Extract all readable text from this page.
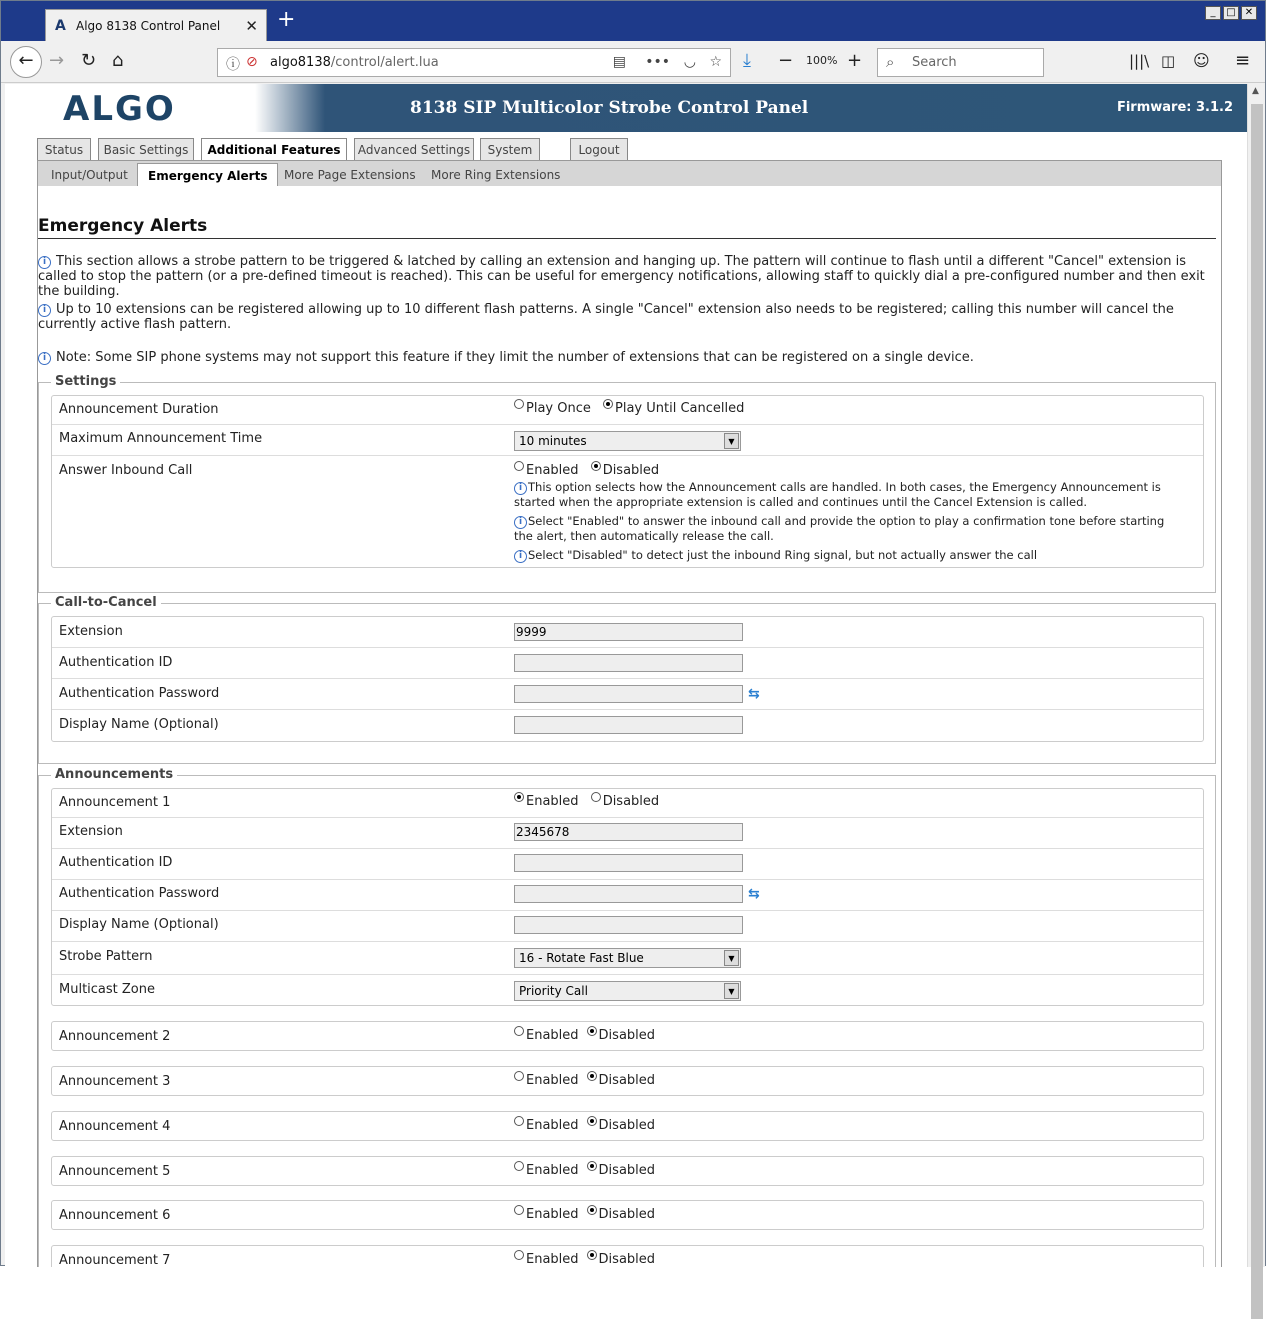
A Algo 8138 Control Panel ✕ +	_	□ ✕
← → ↻ ⌂	ⓘ ⊘ algo8138/control/alert.lua	▤ ••• ◡ ☆ ⤓ − 100% + ⌕ Search	|||\ ◫ ☺ ≡
ALGO	8138 SIP Multicolor Strobe Control Panel	Firmware: 3.1.2
Status	Basic Settings	Additional Features	Advanced Settings	System	Logout
Input/Output	Emergency Alerts	More Page Extensions	More Ring Extensions
Emergency Alerts
i This section allows a strobe pattern to be triggered & latched by calling an extension and hanging up. The pattern will continue to flash until a different "Cancel" extension is called to stop the pattern (or a pre-defined timeout is reached). This can be useful for emergency notifications, allowing staff to quickly dial a pre-configured number and then exit the building.
i Up to 10 extensions can be registered allowing up to 10 different flash patterns. A single "Cancel" extension also needs to be registered; calling this number will cancel the currently active flash pattern.
i Note: Some SIP phone systems may not support this feature if they limit the number of extensions that can be registered on a single device.
Settings
Announcement Duration	Play Once Play Until Cancelled
Maximum Announcement Time	10 minutes	▼
Answer Inbound Call	Enabled Disabled
i This option selects how the Announcement calls are handled. In both cases, the Emergency Announcement is started when the appropriate extension is called and continues until the Cancel Extension is called.
i Select "Enabled" to answer the inbound call and provide the option to play a confirmation tone before starting the alert, then automatically release the call.
i Select "Disabled" to detect just the inbound Ring signal, but not actually answer the call
Call-to-Cancel
Extension	9999
Authentication ID
Authentication Password	⇆
Display Name (Optional)
Announcements
Announcement 1	Enabled Disabled
Extension	2345678
Authentication ID
Authentication Password	⇆
Display Name (Optional)
Strobe Pattern	16 - Rotate Fast Blue	▼
Multicast Zone	Priority Call	▼
Announcement 2	Enabled Disabled
Announcement 3	Enabled Disabled
Announcement 4	Enabled Disabled
Announcement 5	Enabled Disabled
Announcement 6	Enabled Disabled
Announcement 7	Enabled Disabled
▲
